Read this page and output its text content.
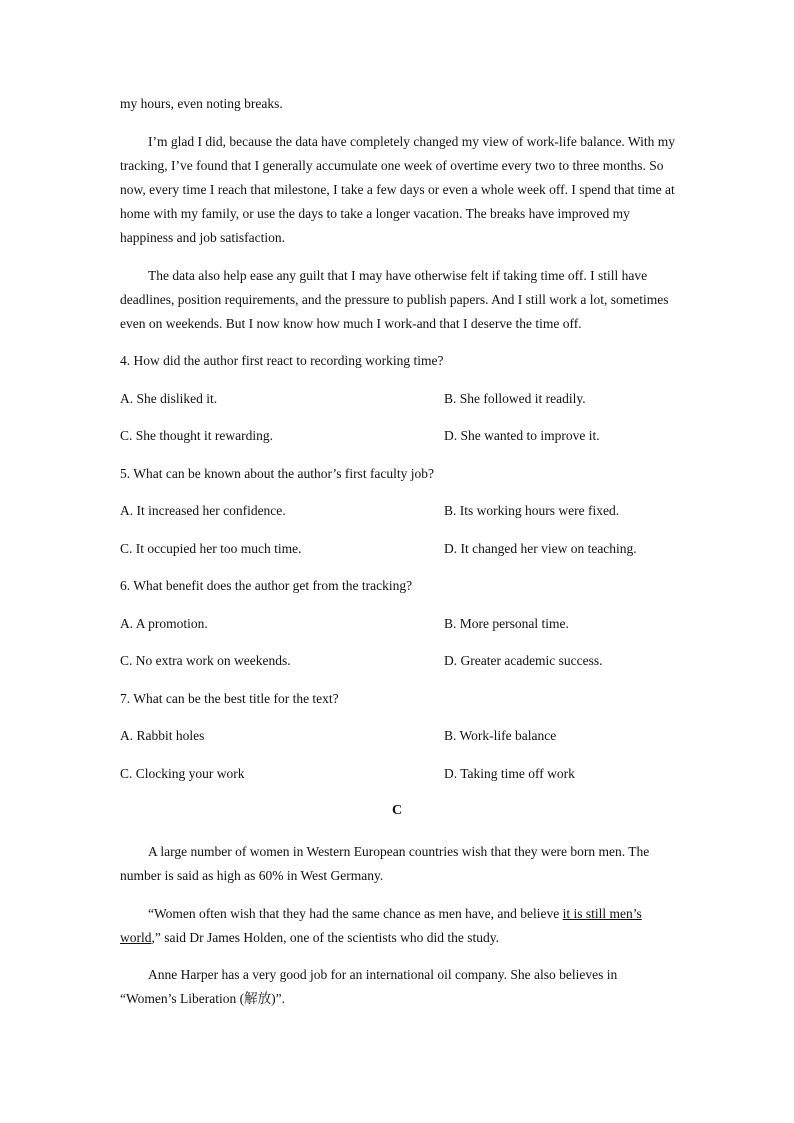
my hours, even noting breaks.
I’m glad I did, because the data have completely changed my view of work-life balance. With my tracking, I’ve found that I generally accumulate one week of overtime every two to three months. So now, every time I reach that milestone, I take a few days or even a whole week off. I spend that time at home with my family, or use the days to take a longer vacation. The breaks have improved my happiness and job satisfaction.
The data also help ease any guilt that I may have otherwise felt if taking time off. I still have deadlines, position requirements, and the pressure to publish papers. And I still work a lot, sometimes even on weekends. But I now know how much I work-and that I deserve the time off.
4. How did the author first react to recording working time?
A. She disliked it.	B. She followed it readily.
C. She thought it rewarding.	D. She wanted to improve it.
5. What can be known about the author’s first faculty job?
A. It increased her confidence.	B. Its working hours were fixed.
C. It occupied her too much time.	D. It changed her view on teaching.
6. What benefit does the author get from the tracking?
A. A promotion.	B. More personal time.
C. No extra work on weekends.	D. Greater academic success.
7. What can be the best title for the text?
A. Rabbit holes	B. Work-life balance
C. Clocking your work	D. Taking time off work
C
A large number of women in Western European countries wish that they were born men. The number is said as high as 60% in West Germany.
“Women often wish that they had the same chance as men have, and believe it is still men’s world,” said Dr James Holden, one of the scientists who did the study.
Anne Harper has a very good job for an international oil company. She also believes in “Women’s Liberation (解放)”.
